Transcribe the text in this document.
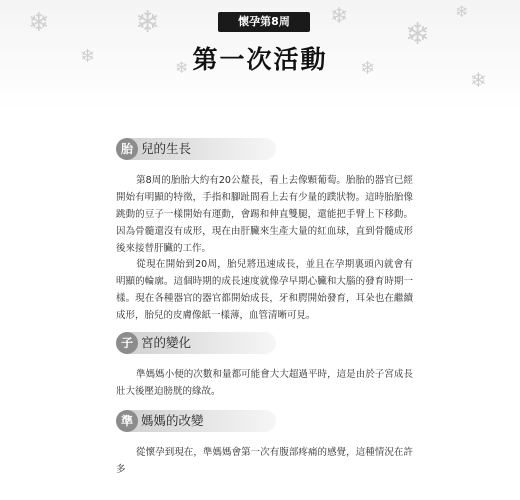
❄
❄
❄
❄
❄
❄
❄
❄
❄
懷孕第8周
第一次活動
胎 兒的生長

第8周的胎胎大約有20公釐長，看上去像顆葡萄。胎胎的器官已經開始有明顯的特徵，手指和腳趾間看上去有少量的蹼狀物。這時胎胎像跳動的豆子一樣開始有運動，會踢和伸直雙腿，還能把手臂上下移動。因為骨髓還沒有成形，現在由肝臟來生產大量的紅血球，直到骨髓成形後來接替肝臟的工作。

從現在開始到20周，胎兒將迅速成長，並且在孕期裏頭內就會有明顯的輪廓。這個時期的成長速度就像孕早期心臟和大腦的發育時期一樣。現在各種器官的器官都開始成長，牙和腭開始發育，耳朵也在繼續成形，胎兒的皮膚像紙一樣薄，血管清晰可見。

子 宮的變化

準媽媽小便的次數和量都可能會大大超過平時，這是由於子宮成長壯大後壓迫膀胱的緣故。

準 媽媽的改變

從懷孕到現在，準媽媽會第一次有腹部疼痛的感覺，這種情況在許多
